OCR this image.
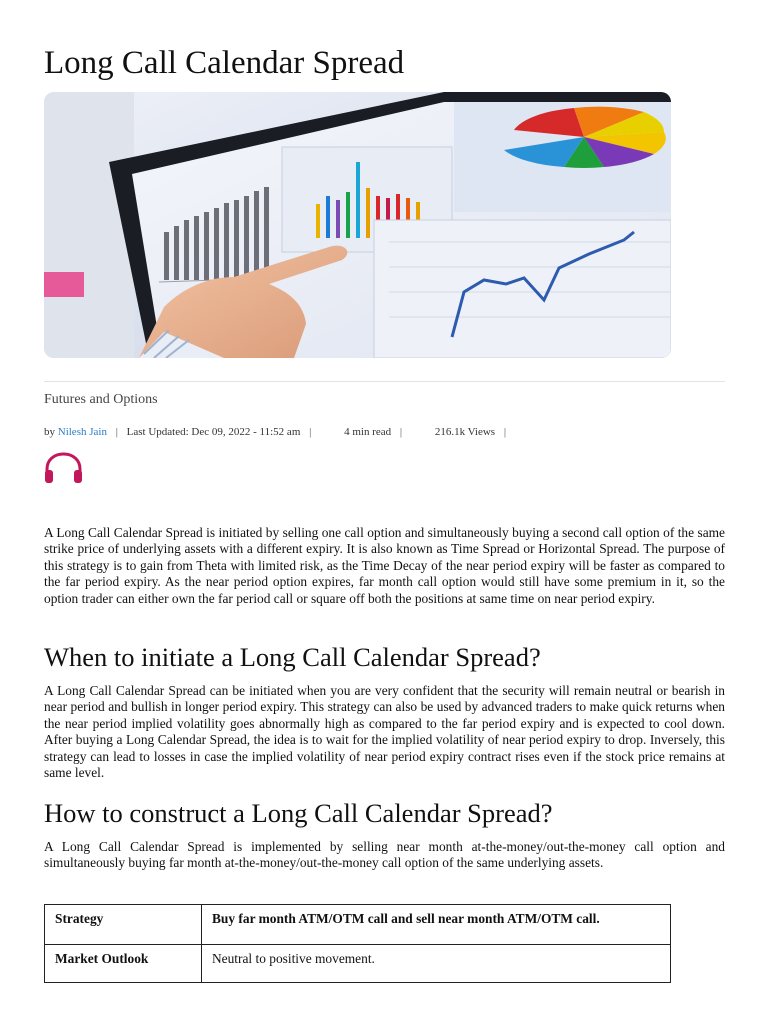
Long Call Calendar Spread
Futures and Options
by Nilesh Jain | Last Updated: Dec 09, 2022 - 11:52 am |	4 min read |	216.1k Views |

A Long Call Calendar Spread is initiated by selling one call option and simultaneously buying a second call option of the same strike price of underlying assets with a different expiry. It is also known as Time Spread or Horizontal Spread. The purpose of this strategy is to gain from Theta with limited risk, as the Time Decay of the near period expiry will be faster as compared to the far period expiry. As the near period option expires, far month call option would still have some premium in it, so the option trader can either own the far period call or square off both the positions at same time on near period expiry.

When to initiate a Long Call Calendar Spread?

A Long Call Calendar Spread can be initiated when you are very confident that the security will remain neutral or bearish in near period and bullish in longer period expiry. This strategy can also be used by advanced traders to make quick returns when the near period implied volatility goes abnormally high as compared to the far period expiry and is expected to cool down. After buying a Long Calendar Spread, the idea is to wait for the implied volatility of near period expiry to drop. Inversely, this strategy can lead to losses in case the implied volatility of near period expiry contract rises even if the stock price remains at same level.

How to construct a Long Call Calendar Spread?

A Long Call Calendar Spread is implemented by selling near month at-the-money/out-the-money call option and simultaneously buying far month at-the-money/out-the-money call option of the same underlying assets.

Strategy	Buy far month ATM/OTM call and sell near month ATM/OTM call.
Market Outlook	Neutral to positive movement.
